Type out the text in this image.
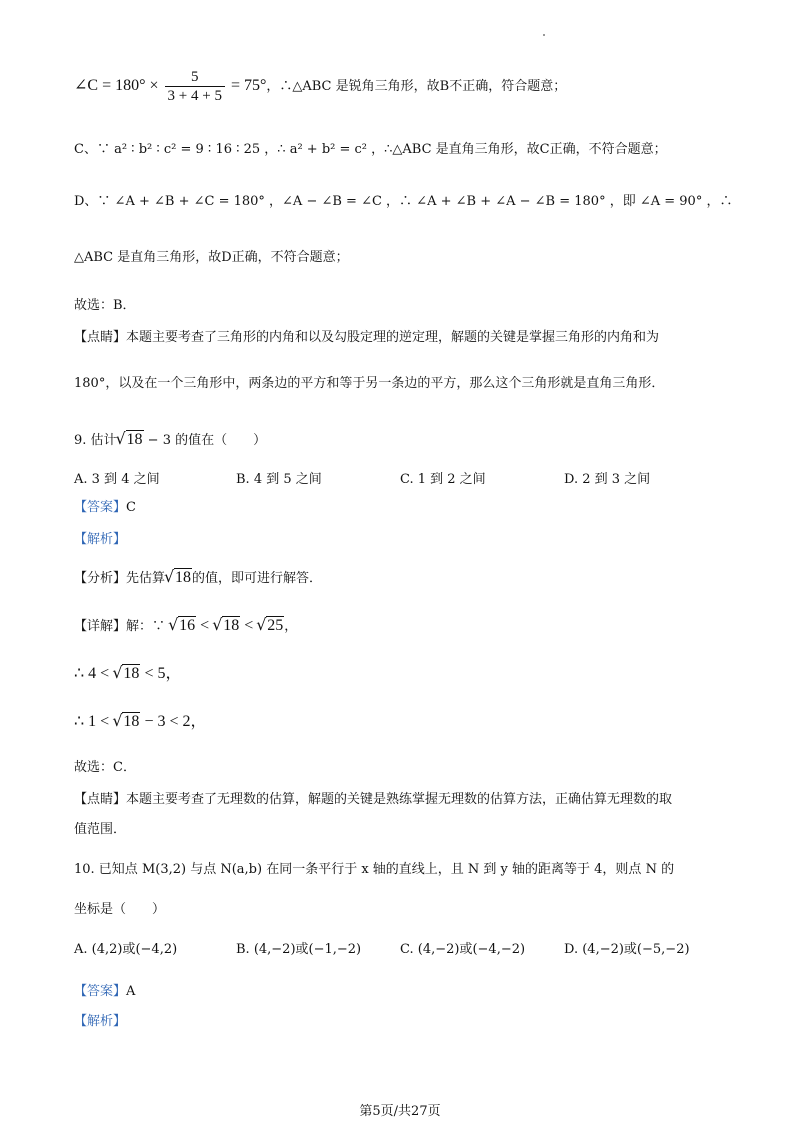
∠C = $180^\circ \times \frac{5}{3 + 4 + 5} = 75^\circ$，∴△ABC 是锐角三角形，故B不正确，符合题意；
C、∵ a² ∶ b² ∶ c² = 9 ∶ 16 ∶ 25 ，∴ a² + b² = c² ，∴△ABC 是直角三角形，故C正确，不符合题意；
D、∵ ∠A + ∠B + ∠C = 180° ，∠A − ∠B = ∠C ，∴ ∠A + ∠B + ∠A − ∠B = 180° ，即 ∠A = 90° ，∴
△ABC 是直角三角形，故D正确，不符合题意；
故选：B．
【点睛】本题主要考查了三角形的内角和以及勾股定理的逆定理，解题的关键是掌握三角形的内角和为
180°，以及在一个三角形中，两条边的平方和等于另一条边的平方，那么这个三角形就是直角三角形．
9. 估计 √ 18 − 3 的值在（　　）
A. 3 到 4 之间	B. 4 到 5 之间	C. 1 到 2 之间	D. 2 到 3 之间
【答案】C
【解析】
【分析】先估算 √ 18的值，即可进行解答．
【详解】解：∵ √ 16 < √ 18 < √ 25，
∴ 4 < √ 18 < 5，
∴ 1 < √ 18 − 3 < 2，
故选：C．
【点睛】本题主要考查了无理数的估算，解题的关键是熟练掌握无理数的估算方法，正确估算无理数的取
值范围．
10. 已知点 M(3,2) 与点 N(a,b) 在同一条平行于 x 轴的直线上，且 N 到 y 轴的距离等于 4，则点 N 的
坐标是（　　）
A. (4,2)或(−4,2)	B. (4,−2)或(−1,−2)	C. (4,−2)或(−4,−2)	D. (4,−2)或(−5,−2)
【答案】A
【解析】
第5页/共27页
